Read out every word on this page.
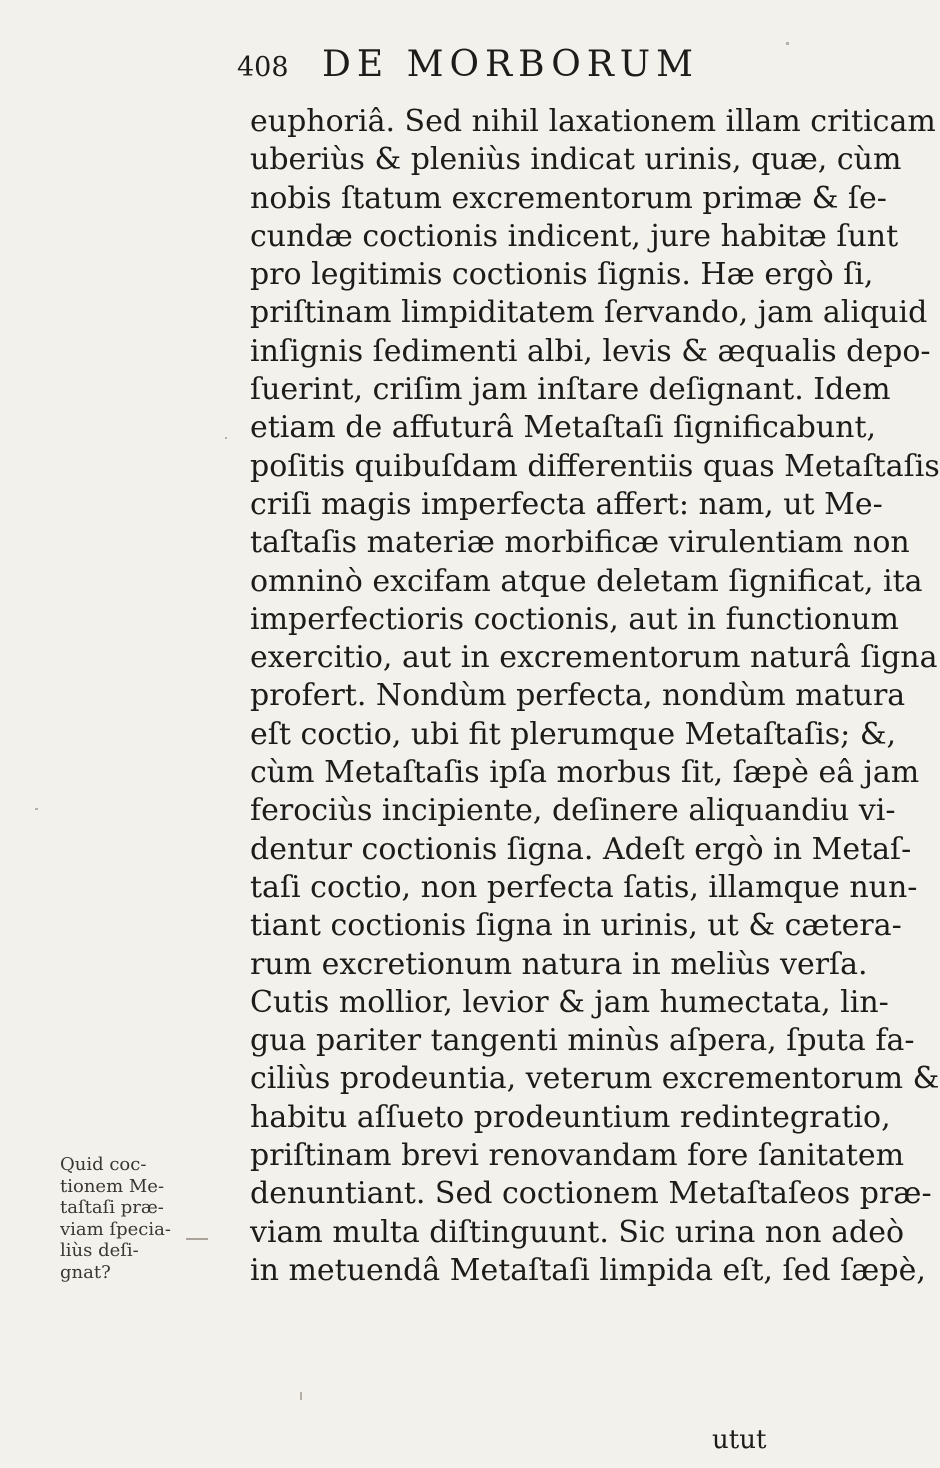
408 DE MORBORUM
euphoriâ. Sed nihil laxationem illam criticam
uberiùs & pleniùs indicat urinis, quæ, cùm
nobis ſtatum excrementorum primæ & ſe-
cundæ coctionis indicent, jure habitæ ſunt
pro legitimis coctionis ſignis. Hæ ergò ſi,
priſtinam limpiditatem ſervando, jam aliquid
inſignis ſedimenti albi, levis & æqualis depo-
ſuerint, criſim jam inſtare deſignant. Idem
etiam de affuturâ Metaſtaſi ſignificabunt,
poſitis quibuſdam differentiis quas Metaſtaſis
criſi magis imperfecta affert: nam, ut Me-
taſtaſis materiæ morbificæ virulentiam non
omninò excifam atque deletam ſignificat, ita
imperfectioris coctionis, aut in functionum
exercitio, aut in excrementorum naturâ ſigna
profert. Nondùm perfecta, nondùm matura
eſt coctio, ubi fit plerumque Metaſtaſis; &,
cùm Metaſtaſis ipſa morbus ſit, ſæpè eâ jam
ferociùs incipiente, deſinere aliquandiu vi-
dentur coctionis ſigna. Adeſt ergò in Metaſ-
taſi coctio, non perfecta ſatis, illamque nun-
tiant coctionis ſigna in urinis, ut & cætera-
rum excretionum natura in meliùs verſa.
Cutis mollior, levior & jam humectata, lin-
gua pariter tangenti minùs aſpera, ſputa fa-
ciliùs prodeuntia, veterum excrementorum &
habitu aſſueto prodeuntium redintegratio,
priſtinam brevi renovandam fore ſanitatem
denuntiant. Sed coctionem Metaſtaſeos præ-
viam multa diſtinguunt. Sic urina non adeò
in metuendâ Metaſtaſi limpida eſt, ſed ſæpè,
Quid coc-
tionem Me-
taſtaſi præ-
viam ſpecia-
liùs deſi-
gnat?
utut
